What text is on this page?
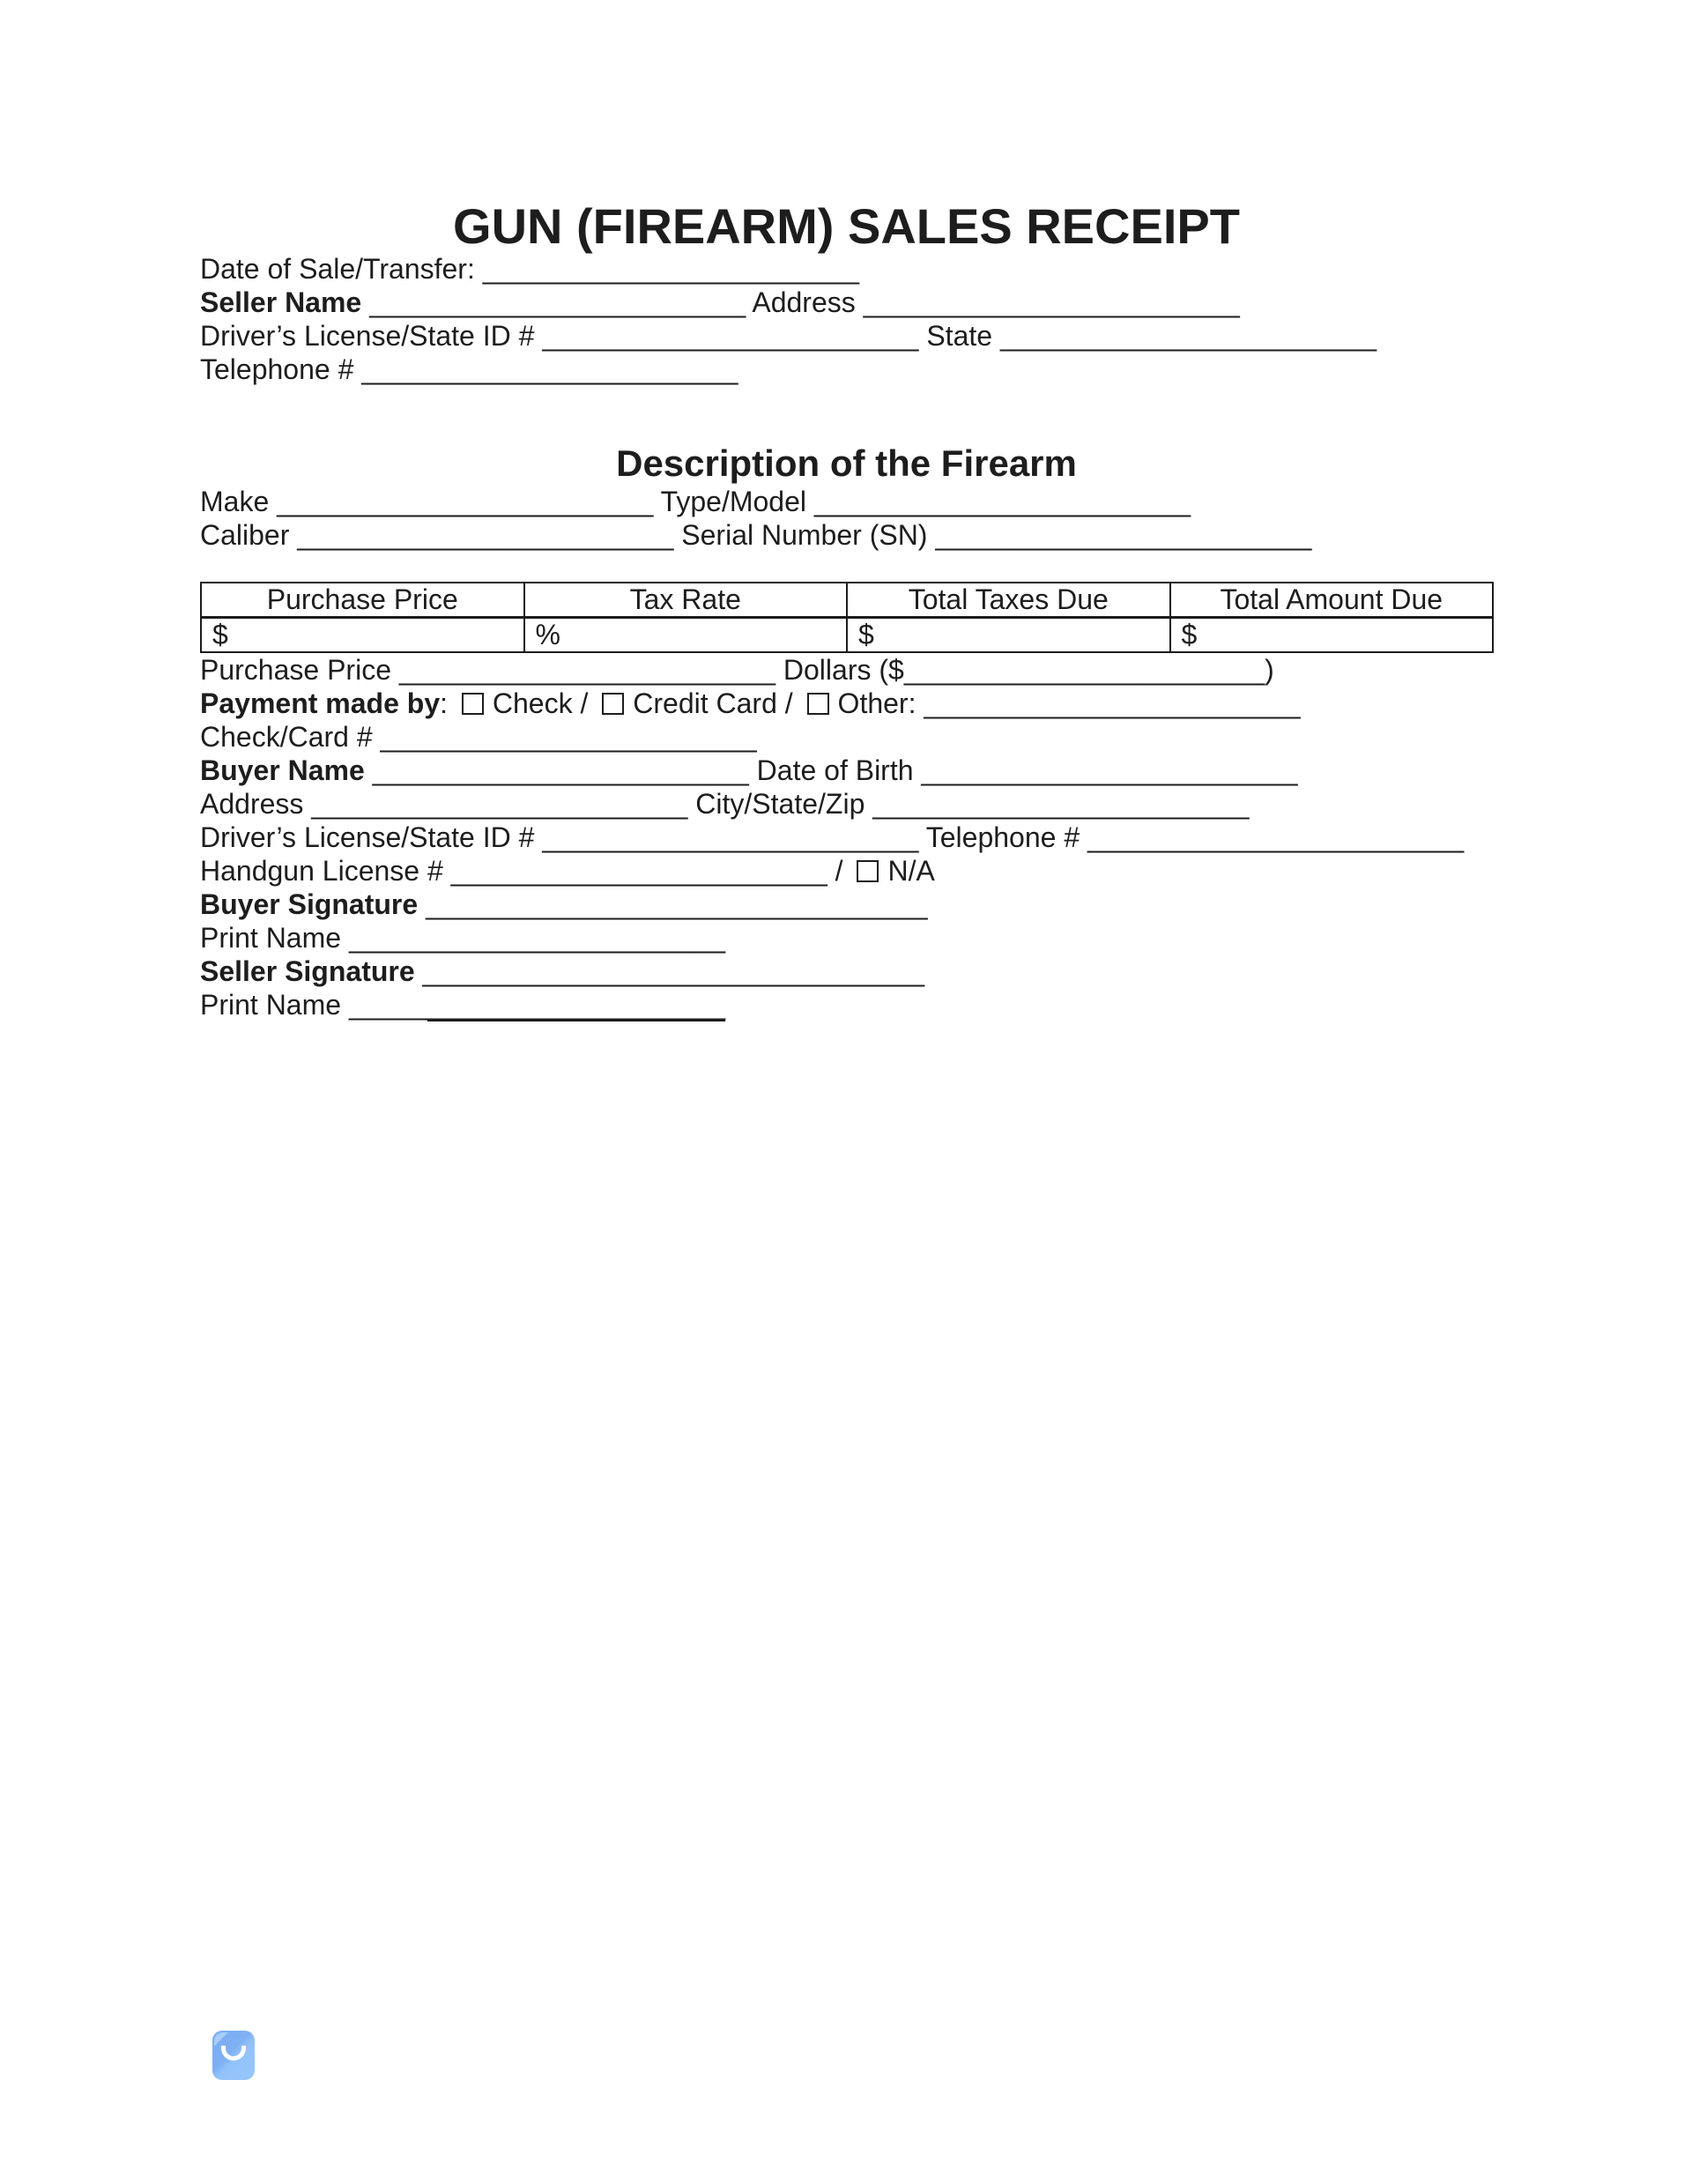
GUN (FIREARM) SALES RECEIPT

Date of Sale/Transfer: ________________________

Seller Name ________________________ Address ________________________
Driver’s License/State ID # ________________________ State ________________________
Telephone # ________________________

Description of the Firearm

Make ________________________ Type/Model ________________________
Caliber ________________________ Serial Number (SN) ________________________

Purchase Price	Tax Rate	Total Taxes Due	Total Amount Due
$	%	$	$

Purchase Price ________________________ Dollars ($_______________________)

Payment made by: Check / Credit Card / Other: ________________________
Check/Card # ________________________

Buyer Name ________________________ Date of Birth ________________________
Address ________________________ City/State/Zip ________________________
Driver’s License/State ID # ________________________ Telephone # ________________________
Handgun License # ________________________ / N/A

Buyer Signature ________________________________
Print Name ________________________

Seller Signature ________________________________
Print Name ________________________
